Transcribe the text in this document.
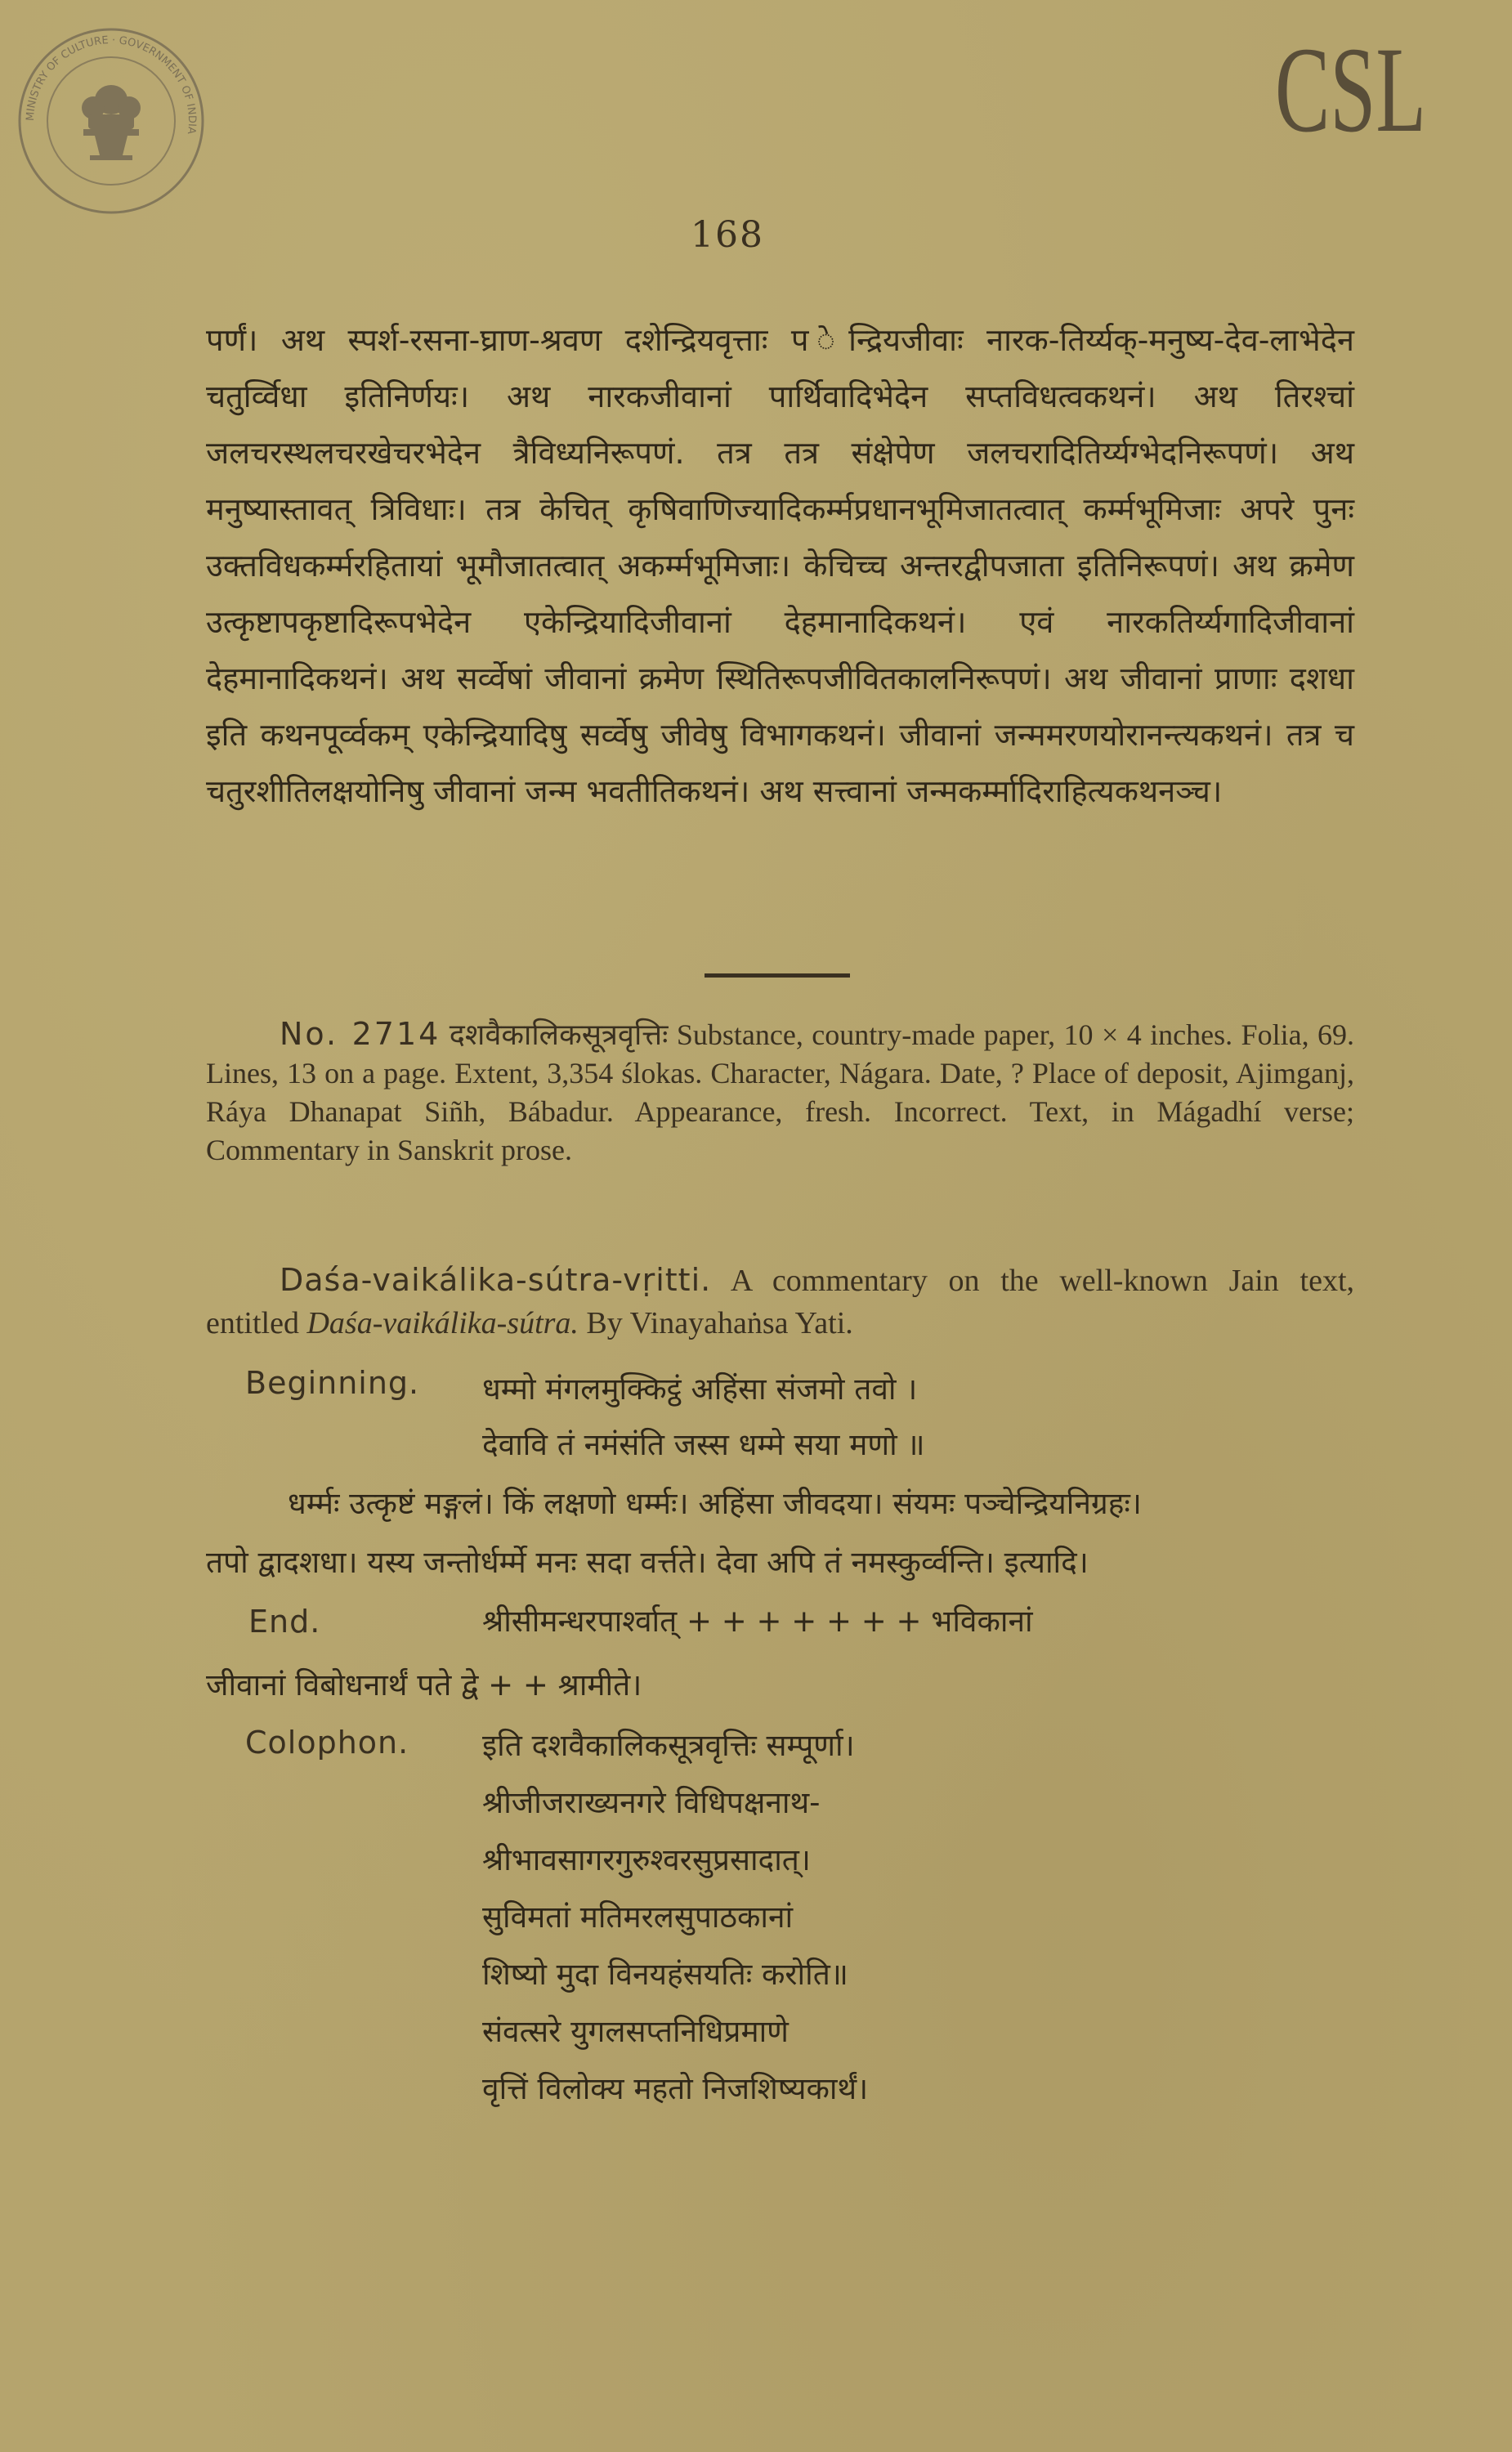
MINISTRY OF CULTURE · GOVERNMENT OF INDIA	CSL
168

पर्णं। अथ स्पर्श-रसना-घ्राण-श्रवण दशेन्द्रियवृत्ताः प ेन्द्रियजीवाः नारक-तिर्य्यक्-मनुष्य-देव-लाभेदेन चतुर्व्विधा इतिनिर्णयः। अथ नारकजीवानां पार्थिवादिभेदेन सप्तविधत्वकथनं। अथ तिरश्चां जलचरस्थलचरखेचरभेदेन त्रैविध्यनिरूपणं. तत्र तत्र संक्षेपेण जलचरादितिर्य्यग्भेदनिरूपणं। अथ मनुष्यास्तावत् त्रिविधाः। तत्र केचित् कृषिवाणिज्यादिकर्म्मप्रधानभूमिजातत्वात् कर्म्मभूमिजाः अपरे पुनः उक्तविधकर्म्मरहितायां भूमौजातत्वात् अकर्म्मभूमिजाः। केचिच्च अन्तरद्वीपजाता इतिनिरूपणं। अथ क्रमेण उत्कृष्टापकृष्टादिरूपभेदेन एकेन्द्रियादिजीवानां देहमानादिकथनं। एवं नारकतिर्य्यगादिजीवानां देहमानादिकथनं। अथ सर्व्वेषां जीवानां क्रमेण स्थितिरूपजीवितकालनिरूपणं। अथ जीवानां प्राणाः दशधा इति कथनपूर्व्वकम् एकेन्द्रियादिषु सर्व्वेषु जीवेषु विभागकथनं। जीवानां जन्ममरणयोरानन्त्यकथनं। तत्र च चतुरशीतिलक्षयोनिषु जीवानां जन्म भवतीतिकथनं। अथ सत्त्वानां जन्मकर्म्मादिराहित्यकथनञ्च।

No. 2714 दशवैकालिकसूत्रवृत्तिः Substance, country-made paper, 10 × 4 inches. Folia, 69. Lines, 13 on a page. Extent, 3,354 ślokas. Character, Nágara. Date, ? Place of deposit, Ajimganj, Ráya Dhanapat Siñh, Bábadur. Appearance, fresh. Incorrect. Text, in Mágadhí verse; Commentary in Sanskrit prose.

Daśa-vaikálika-sútra-vṛitti. A commentary on the well-known Jain text, entitled Daśa-vaikálika-sútra. By Vinayahaṅsa Yati.

Beginning. धम्मो मंगलमुक्किट्ठं अहिंसा संजमो तवो ।
देवावि तं नमंसंति जस्स धम्मे सया मणो ॥
धर्म्मः उत्कृष्टं मङ्गलं। किं लक्षणो धर्म्मः। अहिंसा जीवदया। संयमः पञ्चेन्द्रियनिग्रहः।
तपो द्वादशधा। यस्य जन्तोर्धर्म्मे मनः सदा वर्त्तते। देवा अपि तं नमस्कुर्व्वन्ति। इत्यादि।
End.	श्रीसीमन्धरपार्श्वात् + + + + + + + भविकानां
जीवानां विबोधनार्थं पते द्वे + + श्रामीते।
Colophon. इति दशवैकालिकसूत्रवृत्तिः सम्पूर्णा।
श्रीजीजराख्यनगरे विधिपक्षनाथ-
श्रीभावसागरगुरुश्वरसुप्रसादात्।
सुविमतां मतिमरलसुपाठकानां
शिष्यो मुदा विनयहंसयतिः करोति॥
संवत्सरे युगलसप्तनिधिप्रमाणे
वृत्तिं विलोक्य महतो निजशिष्यकार्थं।
